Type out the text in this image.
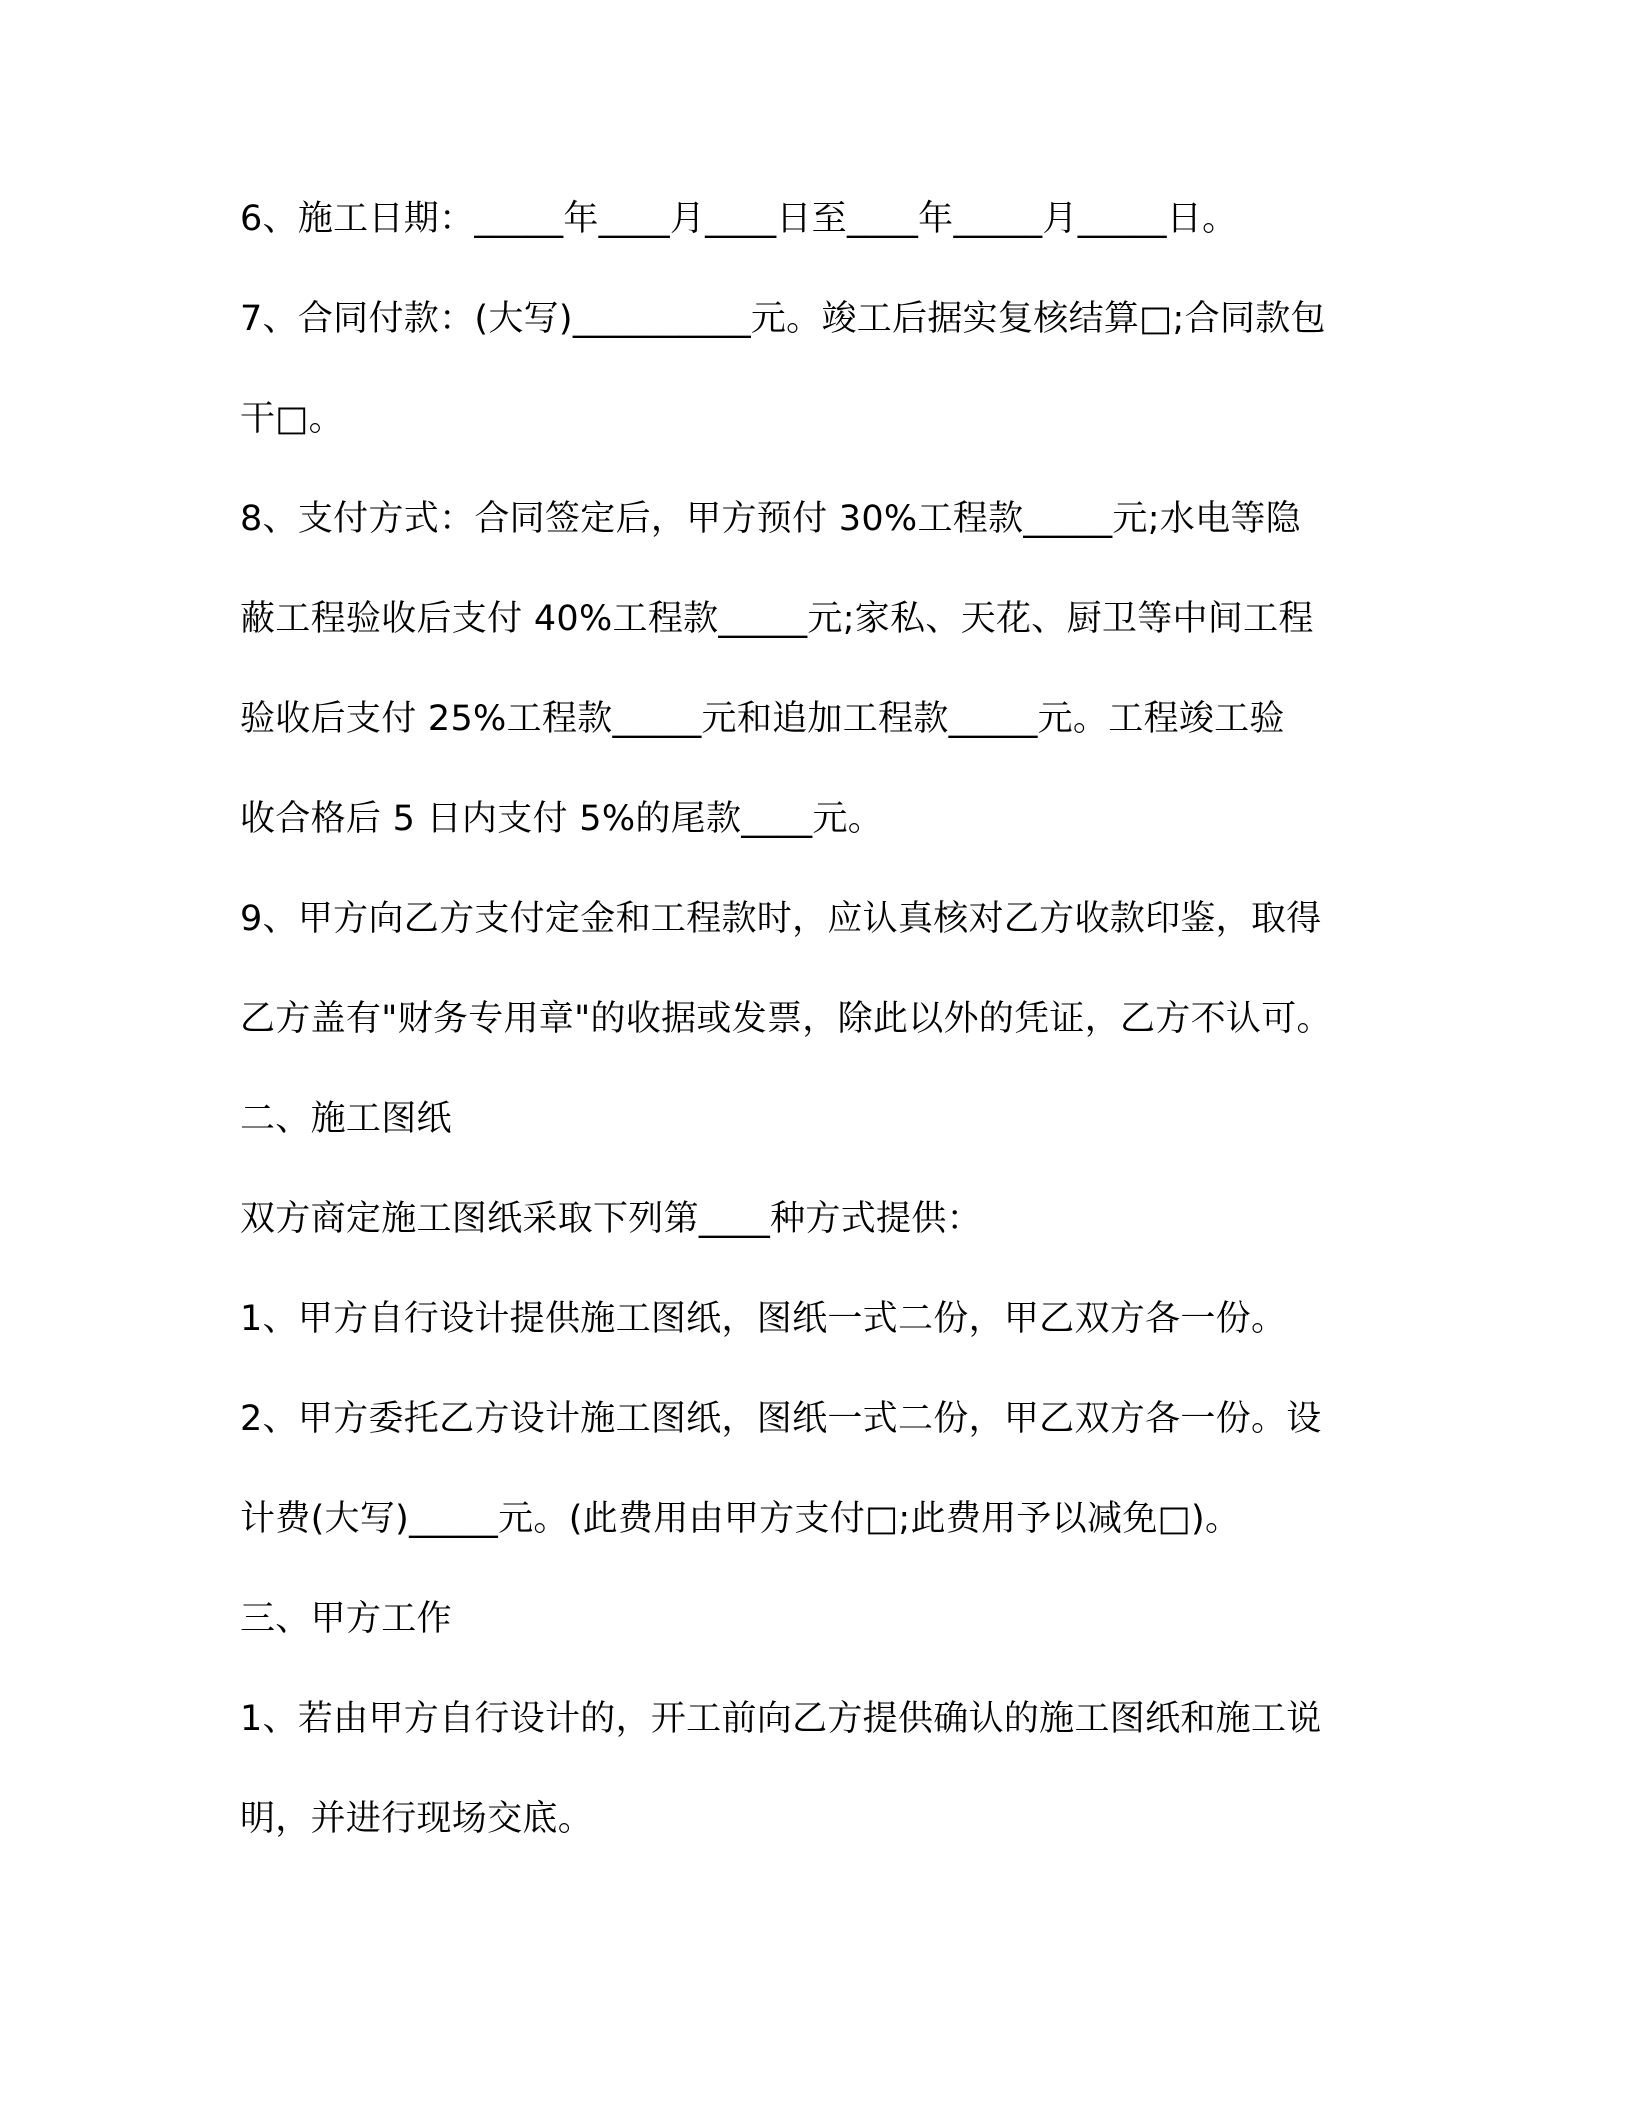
6、施工日期：_____年____月____日至____年_____月_____日。
7、合同付款：(大写)__________元。竣工后据实复核结算□;合同款包
干□。
8、支付方式：合同签定后，甲方预付 30%工程款_____元;水电等隐
蔽工程验收后支付 40%工程款_____元;家私、天花、厨卫等中间工程
验收后支付 25%工程款_____元和追加工程款_____元。工程竣工验
收合格后 5 日内支付 5%的尾款____元。
9、甲方向乙方支付定金和工程款时，应认真核对乙方收款印鉴，取得
乙方盖有"财务专用章"的收据或发票，除此以外的凭证，乙方不认可。
二、施工图纸
双方商定施工图纸采取下列第____种方式提供：
1、甲方自行设计提供施工图纸，图纸一式二份，甲乙双方各一份。
2、甲方委托乙方设计施工图纸，图纸一式二份，甲乙双方各一份。设
计费(大写)_____元。(此费用由甲方支付□;此费用予以减免□)。
三、甲方工作
1、若由甲方自行设计的，开工前向乙方提供确认的施工图纸和施工说
明，并进行现场交底。
